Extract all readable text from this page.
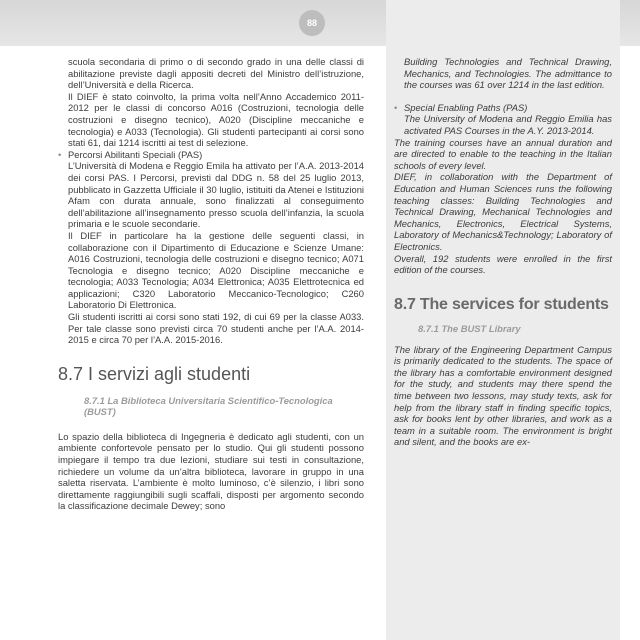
88

scuola secondaria di primo o di secondo grado in una delle classi di abilitazione previste dagli appositi decreti del Ministro dell’istruzione, dell’Università e della Ricerca.

Il DIEF è stato coinvolto, la prima volta nell’Anno Accademico 2011-2012 per le classi di concorso A016 (Costruzioni, tecnologia delle costruzioni e disegno tecnico), A020 (Discipline meccaniche e tecnologia) e A033 (Tecnologia). Gli studenti partecipanti ai corsi sono stati 61, dai 1214 iscritti ai test di selezione.

• Percorsi Abilitanti Speciali (PAS)

L’Università di Modena e Reggio Emila ha attivato per l’A.A. 2013-2014 dei corsi PAS. I Percorsi, previsti dal DDG n. 58 del 25 luglio 2013, pubblicato in Gazzetta Ufficiale il 30 luglio, istituiti da Atenei e Istituzioni Afam con durata annuale, sono finalizzati al conseguimento dell’abilitazione all’insegnamento presso scuola dell’infanzia, la scuola primaria e le scuole secondarie.

Il DIEF in particolare ha la gestione delle seguenti classi, in collaborazione con il Dipartimento di Educazione e Scienze Umane: A016 Costruzioni, tecnologia delle costruzioni e disegno tecnico; A071 Tecnologia e disegno tecnico; A020 Discipline meccaniche e tecnologia; A033 Tecnologia; A034 Elettronica; A035 Elettrotecnica ed applicazioni; C320 Laboratorio Meccanico-Tecnologico; C260 Laboratorio Di Elettronica.

Gli studenti iscritti ai corsi sono stati 192, di cui 69 per la classe A033. Per tale classe sono previsti circa 70 studenti anche per l’A.A. 2014-2015 e circa 70 per l’A.A. 2015-2016.

8.7 I servizi agli studenti
8.7.1 La Biblioteca Universitaria Scientifico-Tecnologica (BUST)

Lo spazio della biblioteca di Ingegneria è dedicato agli studenti, con un ambiente confortevole pensato per lo studio. Qui gli studenti possono impiegare il tempo tra due lezioni, studiare sui testi in consultazione, richiedere un volume da un’altra biblioteca, lavorare in gruppo in una saletta riservata. L’ambiente è molto luminoso, c’è silenzio, i libri sono direttamente raggiungibili sugli scaffali, disposti per argomento secondo la classificazione decimale Dewey; sono

Building Technologies and Technical Drawing, Mechanics, and Technologies. The admittance to the courses was 61 over 1214 in the last edition.

• Special Enabling Paths (PAS)

The University of Modena and Reggio Emilia has activated PAS Courses in the A.Y. 2013-2014.

The training courses have an annual duration and are directed to enable to the teaching in the Italian schools of every level.

DIEF, in collaboration with the Department of Education and Human Sciences runs the following teaching classes: Building Technologies and Technical Drawing, Mechanical Technologies and Mechanics, Electronics, Electrical Systems, Laboratory of Mechanics&Technology; Laboratory of Electronics.

Overall, 192 students were enrolled in the first edition of the courses.

8.7 The services for students
8.7.1 The BUST Library

The library of the Engineering Department Campus is primarily dedicated to the students. The space of the library has a comfortable environment designed for the study, and students may there spend the time between two lessons, may study texts, ask for help from the library staff in finding specific topics, ask for books lent by other libraries, and work as a team in a suitable room. The environment is bright and silent, and the books are ex-
